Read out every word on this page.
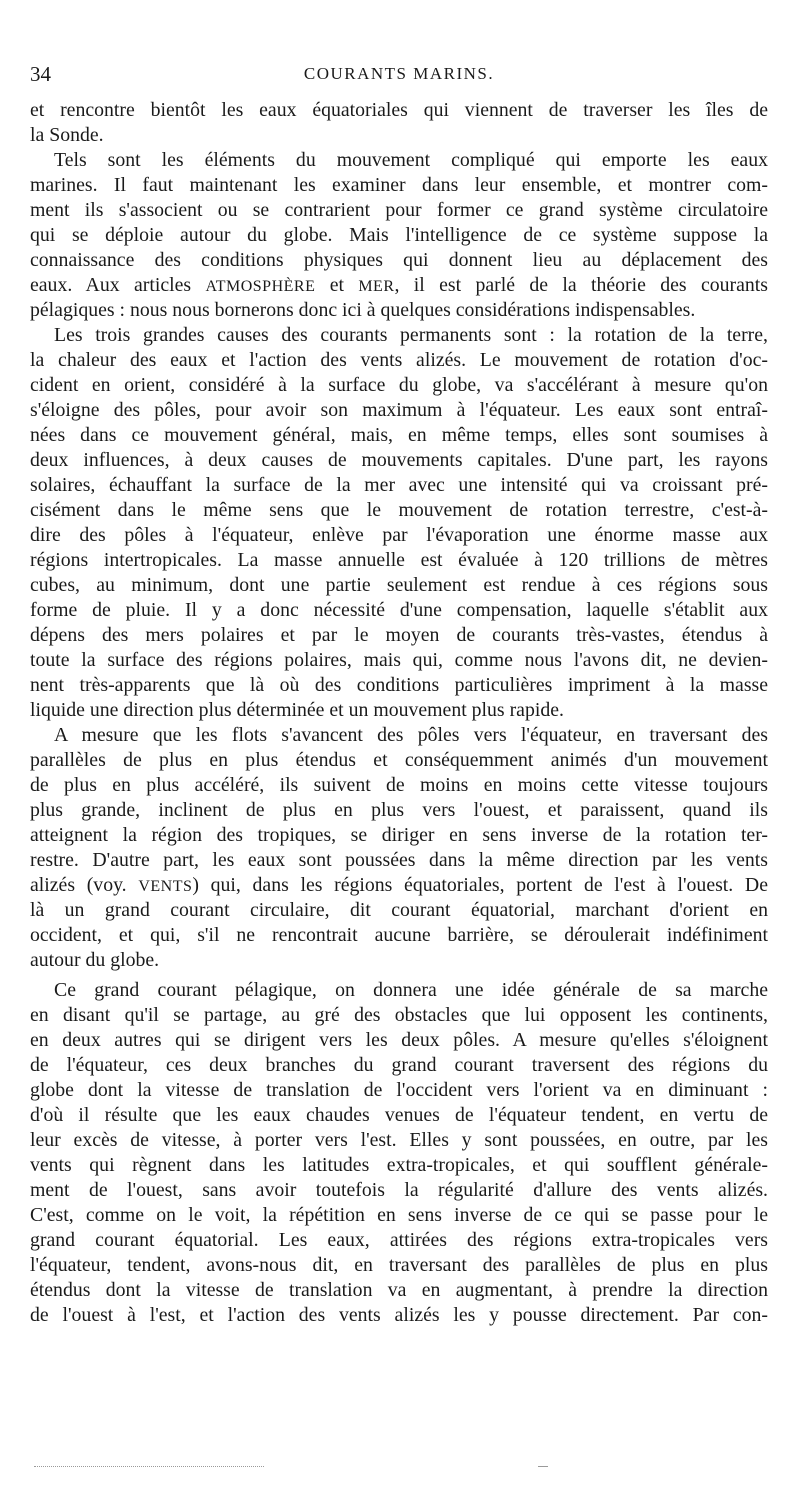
34	COURANTS MARINS.
et rencontre bientôt les eaux équatoriales qui viennent de traverser les îles de
la Sonde.
Tels sont les éléments du mouvement compliqué qui emporte les eaux
marines. Il faut maintenant les examiner dans leur ensemble, et montrer com-
ment ils s'associent ou se contrarient pour former ce grand système circulatoire
qui se déploie autour du globe. Mais l'intelligence de ce système suppose la
connaissance des conditions physiques qui donnent lieu au déplacement des
eaux. Aux articles ATMOSPHÈRE et MER, il est parlé de la théorie des courants
pélagiques : nous nous bornerons donc ici à quelques considérations indispensables.
Les trois grandes causes des courants permanents sont : la rotation de la terre,
la chaleur des eaux et l'action des vents alizés. Le mouvement de rotation d'oc-
cident en orient, considéré à la surface du globe, va s'accélérant à mesure qu'on
s'éloigne des pôles, pour avoir son maximum à l'équateur. Les eaux sont entraî-
nées dans ce mouvement général, mais, en même temps, elles sont soumises à
deux influences, à deux causes de mouvements capitales. D'une part, les rayons
solaires, échauffant la surface de la mer avec une intensité qui va croissant pré-
cisément dans le même sens que le mouvement de rotation terrestre, c'est-à-
dire des pôles à l'équateur, enlève par l'évaporation une énorme masse aux
régions intertropicales. La masse annuelle est évaluée à 120 trillions de mètres
cubes, au minimum, dont une partie seulement est rendue à ces régions sous
forme de pluie. Il y a donc nécessité d'une compensation, laquelle s'établit aux
dépens des mers polaires et par le moyen de courants très-vastes, étendus à
toute la surface des régions polaires, mais qui, comme nous l'avons dit, ne devien-
nent très-apparents que là où des conditions particulières impriment à la masse
liquide une direction plus déterminée et un mouvement plus rapide.
A mesure que les flots s'avancent des pôles vers l'équateur, en traversant des
parallèles de plus en plus étendus et conséquemment animés d'un mouvement
de plus en plus accéléré, ils suivent de moins en moins cette vitesse toujours
plus grande, inclinent de plus en plus vers l'ouest, et paraissent, quand ils
atteignent la région des tropiques, se diriger en sens inverse de la rotation ter-
restre. D'autre part, les eaux sont poussées dans la même direction par les vents
alizés (voy. VENTS) qui, dans les régions équatoriales, portent de l'est à l'ouest. De
là un grand courant circulaire, dit courant équatorial, marchant d'orient en
occident, et qui, s'il ne rencontrait aucune barrière, se déroulerait indéfiniment
autour du globe.
Ce grand courant pélagique, on donnera une idée générale de sa marche
en disant qu'il se partage, au gré des obstacles que lui opposent les continents,
en deux autres qui se dirigent vers les deux pôles. A mesure qu'elles s'éloignent
de l'équateur, ces deux branches du grand courant traversent des régions du
globe dont la vitesse de translation de l'occident vers l'orient va en diminuant :
d'où il résulte que les eaux chaudes venues de l'équateur tendent, en vertu de
leur excès de vitesse, à porter vers l'est. Elles y sont poussées, en outre, par les
vents qui règnent dans les latitudes extra-tropicales, et qui soufflent générale-
ment de l'ouest, sans avoir toutefois la régularité d'allure des vents alizés.
C'est, comme on le voit, la répétition en sens inverse de ce qui se passe pour le
grand courant équatorial. Les eaux, attirées des régions extra-tropicales vers
l'équateur, tendent, avons-nous dit, en traversant des parallèles de plus en plus
étendus dont la vitesse de translation va en augmentant, à prendre la direction
de l'ouest à l'est, et l'action des vents alizés les y pousse directement. Par con-
